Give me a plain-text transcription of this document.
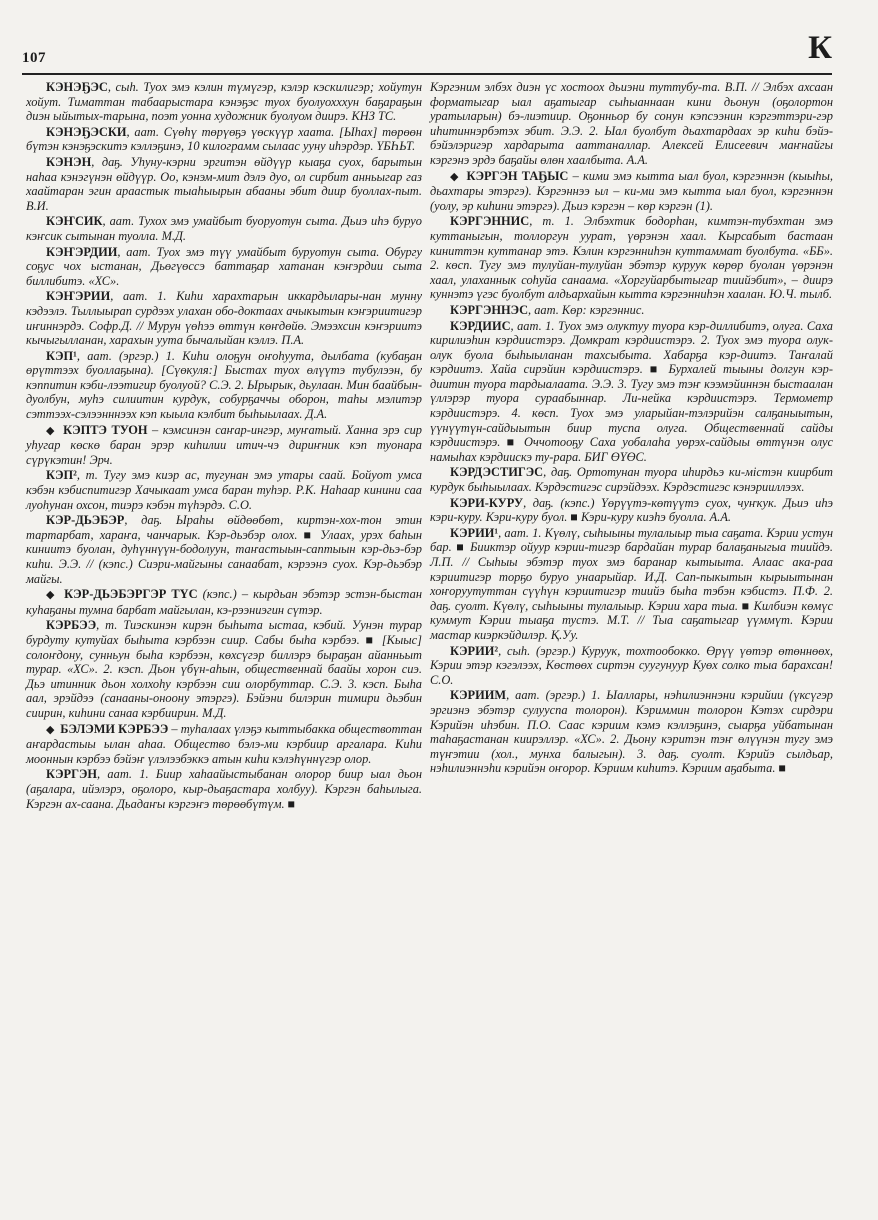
107	К

КЭНЭҔЭС, сыһ. Туох эмэ кэлин түмүгэр, кэлэр кэскилигэр; хойутун хойут. Тиматтан табаарыстара кэнэҕэс туох буолуохххун баҕараҕын диэн ыйытых-тарына, поэт уонна художник буолуом диирэ. КНЗ ТС.

КЭНЭҔЭСКИ, аат. Сүөһү төрүөҕэ үөскүүр хаата. [Ыһах] төрөөн бүтэн кэнэҕэскитэ кэллэҕинэ, 10 килограмм сылаас ууну иһэрдэр. ҮБҺЬТ.

КЭНЭН, даҕ. Уһуну-кэрни эргитэн өйдүүр кыаҕа суох, барытын наһаа кэнэгүнэн өйдүүр. Оо, кэнэм-мит дэлэ дуо, ол сирбит анньыгар газ хаайтаран эгин араастык тыаһыырын абааны эбит диир буоллах-пыт. В.И.

КЭҤСИК, аат. Тухох эмэ умайбыт буоруотун сыта. Дьиэ иһэ буруо кэҥсик сытынан туолла. М.Д.

КЭҤЭРДИИ, аат. Туох эмэ түү умайбыт буруотун сыта. Обургу соҕус чох ыстанан, Дьөгүөссэ баттаҕар хатанан кэҥэрдии сыта биллибитэ. «ХС».

КЭҤЭРИИ, аат. 1. Киһи харахтарын иккардылары-нан мунну кэдээлэ. Тыллыырап сурдээх улахан обо-доктаах ачыкытын кэҥэриитигэр иҥиннэрдэ. Софр.Д. // Мурун үөһээ өттүн көҥдөйө. Эмээхсин кэҥэриитэ кычыгылланан, харахын уута бычалыйан кэллэ. П.А.

КЭП¹, аат. (эргэр.) 1. Киһи олоҕун оҥоһуута, дылбата (кубаҕан өрүттээх буоллаҕына). [Сүөкуля:] Быстах туох өлүүтэ тубулээн, бу кэппитин кэби-лээтигир буолуой? С.Э. 2. Ырырык, дьулаан. Мин баайбын-дуолбун, муһэ силиитин курдук, собурҕаччы оборон, таһы мэлитэр сэттээх-сэлээнннээх кэп кыыла кэлбит быһыылаах. Д.А.

◆ КЭПТЭ ТУОН – кэмсинэн саҥар-ингэр, муҥатый. Ханна эрэ сир уһугар көскө баран эрэр киһилии итич-чэ дириҥник кэп туонара сүрүкэтин! Эрч.

КЭП², т. Тугу эмэ киэр ас, тугунан эмэ утары саай. Бойуот умса кэбэн кэбиспитигэр Хачыкаат умса баран туһэр. Р.К. Наһаар кинини саа луоһунан охсон, тиэрэ кэбэн түһэрдэ. С.О.

КЭР-ДЬЭБЭР, даҕ. Ыраһы өйдөөбөт, киртэн-хох-тон этин тартарбат, хараҥа, чанчарык. Кэр-дьэбэр олох. ■ Улаах, урэх баһын киниитэ буолан, дуһүннүүн-бодолуун, таҥастыын-саптыын кэр-дьэ-бэр киһи. Э.Э. // (кэпс.) Сиэри-майгыны санаабат, кэрээнэ суох. Кэр-дьэбэр майгы.

◆ КЭР-ДЬЭБЭРГЭР ТҮС (кэпс.) – кырдьан эбэтэр эстэн-быстан куһаҕаны тумна барбат майгылан, кэ-рээниэгин сүтэр.

КЭРБЭЭ, т. Тиэскинэн кирэн быһыта ыстаа, кэбий. Уунэн турар бурдуту кутуйах быһыта кэрбээн сиир. Сабы быһа кэрбээ. ■ [Кыыс] солоҥдону, сунньун быһа кэрбээн, көхсүгэр биллэрэ быраҕан айанньыт турар. «ХС». 2. кэсп. Дьон үбүн-аһын, общественнай баайы хорон сиэ. Дьэ итинник дьон холхоһу кэрбээн сии олорбуттар. С.Э. 3. кэсп. Быһа аал, эрэйдээ (санааны-оноону этэргэ). Бэйэни билэрин тимири дьэбин сиирин, киһини санаа кэрбиирин. М.Д.

◆ БЭЛЭМИ КЭРБЭЭ – туһалаах үлэҕэ кыттыбакка обществоттан аҥардастыы ылан аһаа. Общество бэлэ-ми кэрбиир аргалара. Киһи мооннын кэрбээ бэйэҥ үлэлээбэккэ атын киһи кэлэһүннүгэр олор.

КЭРГЭН, аат. 1. Биир хаһаайыстыбанан олорор биир ыал дьон (аҕалара, ийэлэрэ, оҕолоро, кыр-дьаҕастара холбуу). Кэргэн баһылыга. Кэргэн ах-саана. Дьадаҥы кэргэҥэ төрөөбүтүм. ■

Кэргэним элбэх диэн үс хостоох дьиэни туттубу-та. В.П. // Элбэх ахсаан форматыгар ыал аҕатыгар сыһыаннаан кини дьонун (оҕолортон уратыларын) бэ-лиэтиир. Оҕонньор бу сонун кэпсээнин кэргэттэри-гэр иһитиннэрбэтэх эбит. Э.Э. 2. Ыал буолбут дьахтардаах эр киһи бэйэ-бэйэлэригэр хардарыта ааттаналлар. Алексей Елисеевич маҥнайгы кэргэнэ эрдэ баҕайы өлөн хаалбыта. А.А.

◆ КЭРГЭН ТАҔЫС – кими эмэ кытта ыал буол, кэргэннэн (кыыһы, дьахтары этэргэ). Кэргэннээ ыл – ки-ми эмэ кытта ыал буол, кэргэннэн (уолу, эр киһини этэргэ). Дьиэ кэргэн – көр кэргэн (1).

КЭРГЭННИС, т. 1. Элбэхтик бодорһан, кимтэн-тубэхтан эмэ куттаныгын, толлоргун уурат, үөрэнэн хаал. Кырсабыт бастаан киниттэн куттанар этэ. Кэлин кэргэнниһэн куттаммат буолбута. «ББ». 2. көсп. Тугу эмэ тулуйан-тулуйан эбэтэр куруук көрөр буолан үөрэнэн хаал, улаханнык соһуйа санаама. «Хоргуйарбытыгар тиийэбит», – диирэ куннэтэ үгэс буолбут алдьархайын кытта кэргэнниһэн хаалан. Ю.Ч. тылб.

КЭРГЭННЭС, аат. Көр: кэргэннис.

КЭРДИИС, аат. 1. Туох эмэ олуктуу туора кэр-диллибитэ, олуга. Саха кирилиэһин кэрдиистэрэ. Домкрат кэрдиистэрэ. 2. Туох эмэ туора олук-олук буола быһыыланан тахсыбыта. Хабарҕа кэр-диитэ. Таҥалай кэрдиитэ. Хайа сирэйин кэрдиистэрэ. ■ Бурхалей тыыны долгун кэр-диитин туора тардыалаата. Э.Э. 3. Тугу эмэ тэҥ кээмэйиннэн быстаалан үллэрэр туора сураабыннар. Ли-нейка кэрдиистэрэ. Термометр кэрдиистэрэ. 4. көсп. Туох эмэ уларыйан-тэлэрийэн салҕаныытын, үүнүүтүн-сайдыытын биир туспа олуга. Общественнай сайды кэрдиистэрэ. ■ Оччотооҕу Саха уобалаһа уөрэх-сайдыы өттүнэн олус намыһах кэрдиискэ ту-рара. БИГ ӨҮӨС.

КЭРДЭСТИГЭС, даҕ. Ортотунан туора иһирдьэ ки-містэн киирбит курдук быһыылаах. Кэрдэстигэс сирэйдээх. Кэрдэстигэс кэнэрииллээх.

КЭРИ-КУРУ, даҕ. (кэпс.) Үөрүүтэ-көтүүтэ суох, чуҥкук. Дьиэ иһэ кэри-куру. Кэри-куру буол. ■ Кэри-куру киэһэ буолла. А.А.

КЭРИИ¹, аат. 1. Күөлү, сыһыыны тулалыыр тыа саҕата. Кэрии устун бар. ■ Бииктэр ойуур кэрии-тигэр бардайан турар балаҕаныгыа тиийдэ. Л.П. // Сыһыы эбэтэр туох эмэ баранар кытыыта. Алаас ака-раа кэриитигэр торҕо буруо унаарыйар. И.Д. Сап-пыкытын кырыытынан хоҥоруутуттан сүүһүн кэриитигэр тиийэ быһа тэбэн кэбистэ. П.Ф. 2. даҕ. суолт. Күөлү, сыһыыны тулалыыр. Кэрии хара тыа. ■ Килбиэн көмүс куммут Кэрии тыаҕа тустэ. М.Т. // Тыа саҕатыгар үүммүт. Кэрии мастар киэркэйдилэр. Қ.Уу.

КЭРИИ², сыһ. (эргэр.) Куруук, тохтообокко. Өрүү үөтэр өтөннөөх, Кэрии этэр кэгэлээх, Көстөөх сиртэн суугунуур Куөх солко тыа барахсан! С.О.

КЭРИИМ, аат. (эргэр.) 1. Ыаллары, нэһилиэннэни кэрийии (үксүгэр эргиэнэ эбэтэр сулууспа толорон). Кэриммин толорон Кэтэх сирдэри Кэрийэн иһэбин. П.О. Саас кэриим кэмэ кэллэҕинэ, сыарҕа уйбатынан таһаҕастанан киирэллэр. «ХС». 2. Дьону кэритэн тэҥ өлүүнэн тугу эмэ түҥэтии (хол., мунха балыгын). 3. даҕ. суолт. Кэрийэ сылдьар, нэһилиэннэһи кэрийэн оҥорор. Кэриим киһитэ. Кэриим аҕабыта. ■
